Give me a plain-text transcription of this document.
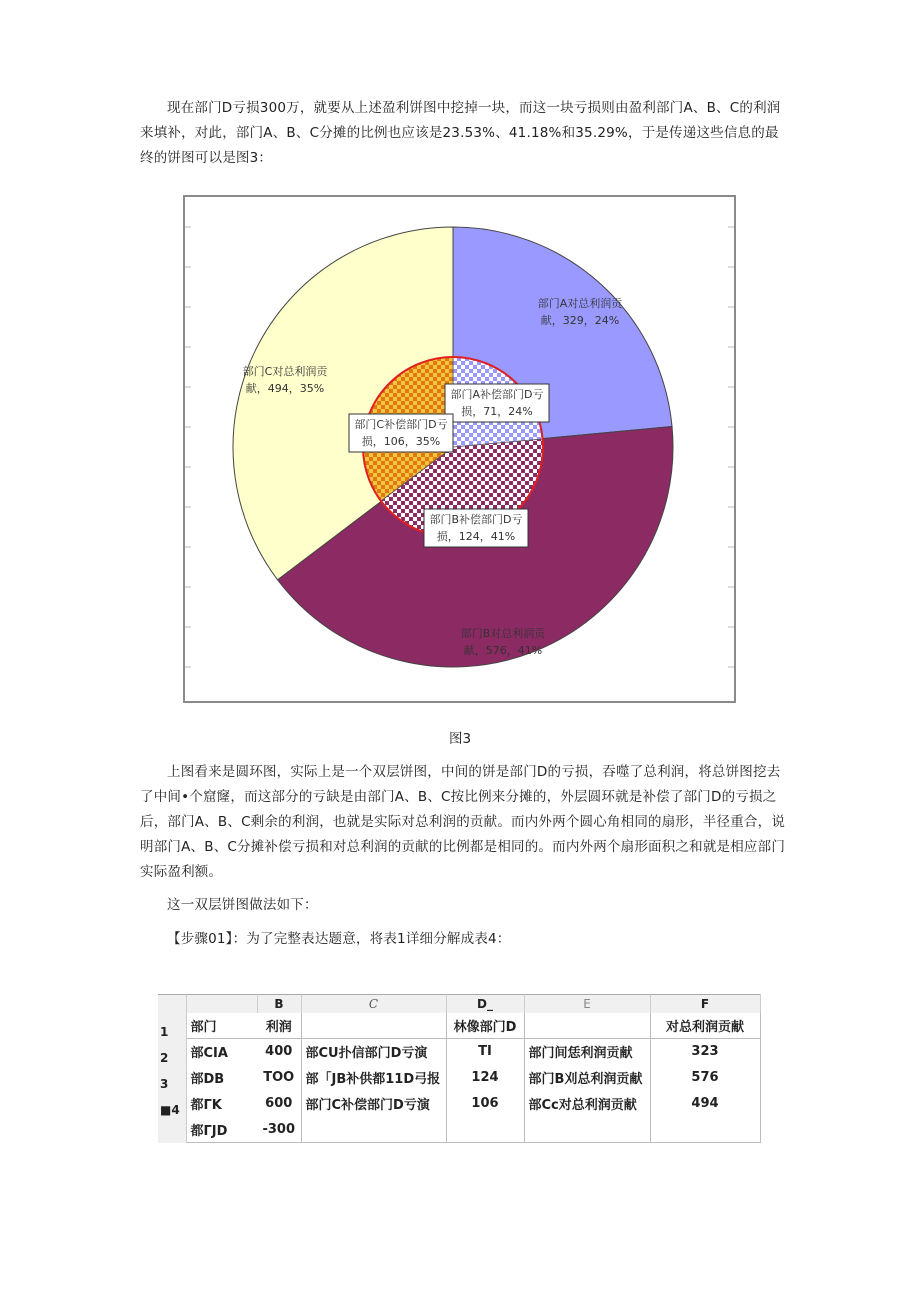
现在部门D亏损300万，就要从上述盈利饼图中挖掉一块，而这一块亏损则由盈利部门A、B、C的利润来填补，对此，部门A、B、C分摊的比例也应该是23.53%、41.18%和35.29%，于是传递这些信息的最终的饼图可以是图3：

部门A对总利润贡
献，329，24%
部门B对总利润贡
献，576，41%
部门C对总利润贡
献，494，35%	部门A补偿部门D亏
损，71，24%
部门B补偿部门D亏
损，124，41%
部门C补偿部门D亏
损，106，35%
图3

上图看来是圆环图，实际上是一个双层饼图，中间的饼是部门D的亏损，吞噬了总利润，将总饼图挖去了中间•个窟窿，而这部分的亏缺是由部门A、B、C按比例来分摊的，外层圆环就是补偿了部门D的亏损之后，部门A、B、C剩余的利润，也就是实际对总利润的贡献。而内外两个圆心角相同的扇形，半径重合，说明部门A、B、C分摊补偿亏损和对总利润的贡献的比例都是相同的。而内外两个扇形面积之和就是相应部门实际盈利额。

这一双层饼图做法如下：

【步骤01】：为了完整表达题意，将表1详细分解成表4：

		B	C	D_	E	F
1	部门	利润		林像部门D		对总利润贡献
2	部CIA	400	部CU扑信部门D亏演	TI	部门间恁利润贡献	323
3	部DB	TOO	部「JB补供都11D弓报	124	部门B刈总利润贡献	576
■4	都ΓK	600	部门C补偿部门D亏演	106	部Cc对总利润贡献	494
	都ΓJD	-300				
